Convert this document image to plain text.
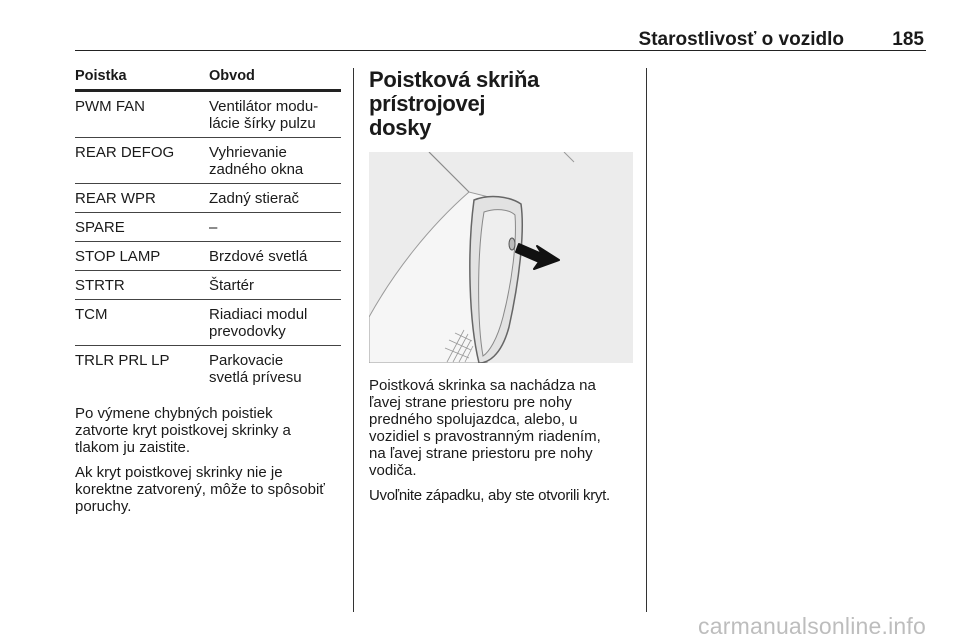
Starostlivosť o vozidlo	185
Poistka	Obvod
PWM FAN	Ventilátor modu-
lácie šírky pulzu

REAR DEFOG	Vyhrievanie
zadného okna

REAR WPR	Zadný stierač

SPARE	–

STOP LAMP	Brzdové svetlá

STRTR	Štartér

TCM	Riadiaci modul
prevodovky

TRLR PRL LP	Parkovacie
svetlá prívesu

Po výmene chybných poistiek
zatvorte kryt poistkovej skrinky a
tlakom ju zaistite.

Ak kryt poistkovej skrinky nie je
korektne zatvorený, môže to spôsobiť
poruchy.

Poistková skriňa prístrojovej
dosky

Poistková skrinka sa nachádza na
ľavej strane priestoru pre nohy
predného spolujazdca, alebo, u
vozidiel s pravostranným riadením,
na ľavej strane priestoru pre nohy
vodiča.

Uvoľnite západku, aby ste otvorili kryt.

carmanualsonline.info
